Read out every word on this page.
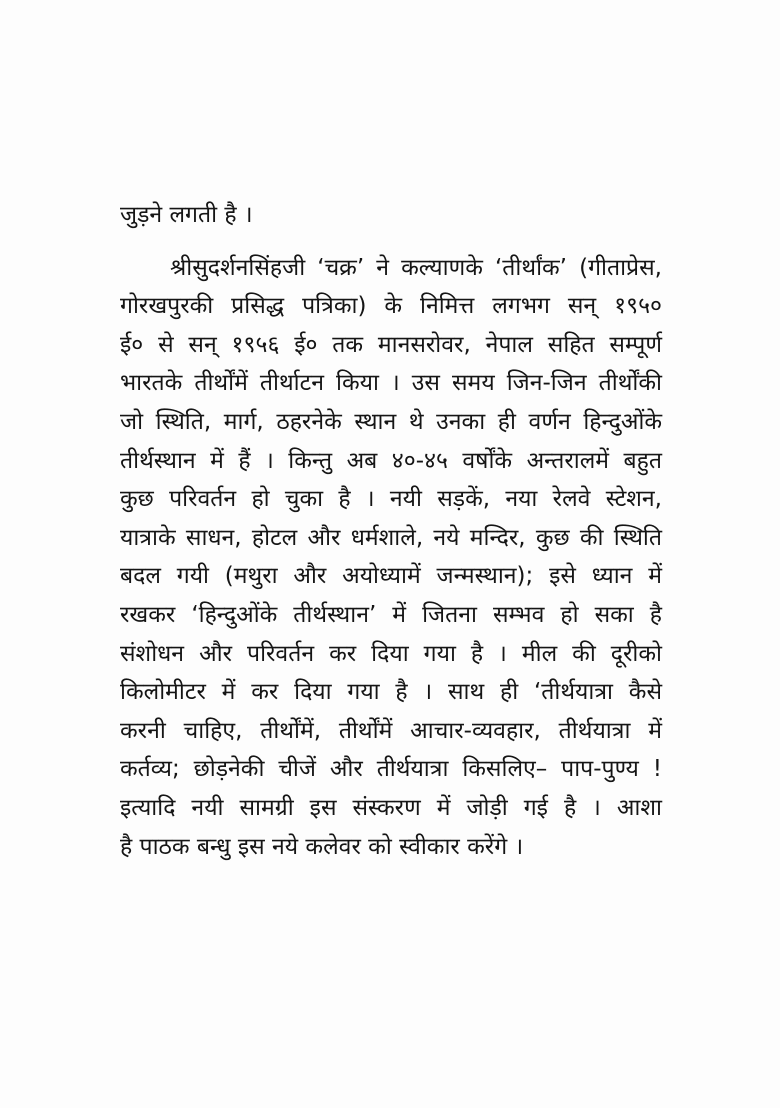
जुड़ने लगती है ।
श्रीसुदर्शनसिंहजी ‘चक्र’ ने कल्याणके ‘तीर्थांक’ (गीताप्रेस,
गोरखपुरकी प्रसिद्ध पत्रिका) के निमित्त लगभग सन् १९५०
ई० से सन् १९५६ ई० तक मानसरोवर, नेपाल सहित सम्पूर्ण
भारतके तीर्थोंमें तीर्थाटन किया । उस समय जिन-जिन तीर्थोंकी
जो स्थिति, मार्ग, ठहरनेके स्थान थे उनका ही वर्णन हिन्दुओंके
तीर्थस्थान में हैं । किन्तु अब ४०-४५ वर्षोंके अन्तरालमें बहुत
कुछ परिवर्तन हो चुका है । नयी सड़कें, नया रेलवे स्टेशन,
यात्राके साधन, होटल और धर्मशाले, नये मन्दिर, कुछ की स्थिति
बदल गयी (मथुरा और अयोध्यामें जन्मस्थान); इसे ध्यान में
रखकर ‘हिन्दुओंके तीर्थस्थान’ में जितना सम्भव हो सका है
संशोधन और परिवर्तन कर दिया गया है । मील की दूरीको
किलोमीटर में कर दिया गया है । साथ ही ‘तीर्थयात्रा कैसे
करनी चाहिए, तीर्थोंमें, तीर्थोंमें आचार-व्यवहार, तीर्थयात्रा में
कर्तव्य; छोड़नेकी चीजें और तीर्थयात्रा किसलिए– पाप-पुण्य !
इत्यादि नयी सामग्री इस संस्करण में जोड़ी गई है । आशा
है पाठक बन्धु इस नये कलेवर को स्वीकार करेंगे ।
